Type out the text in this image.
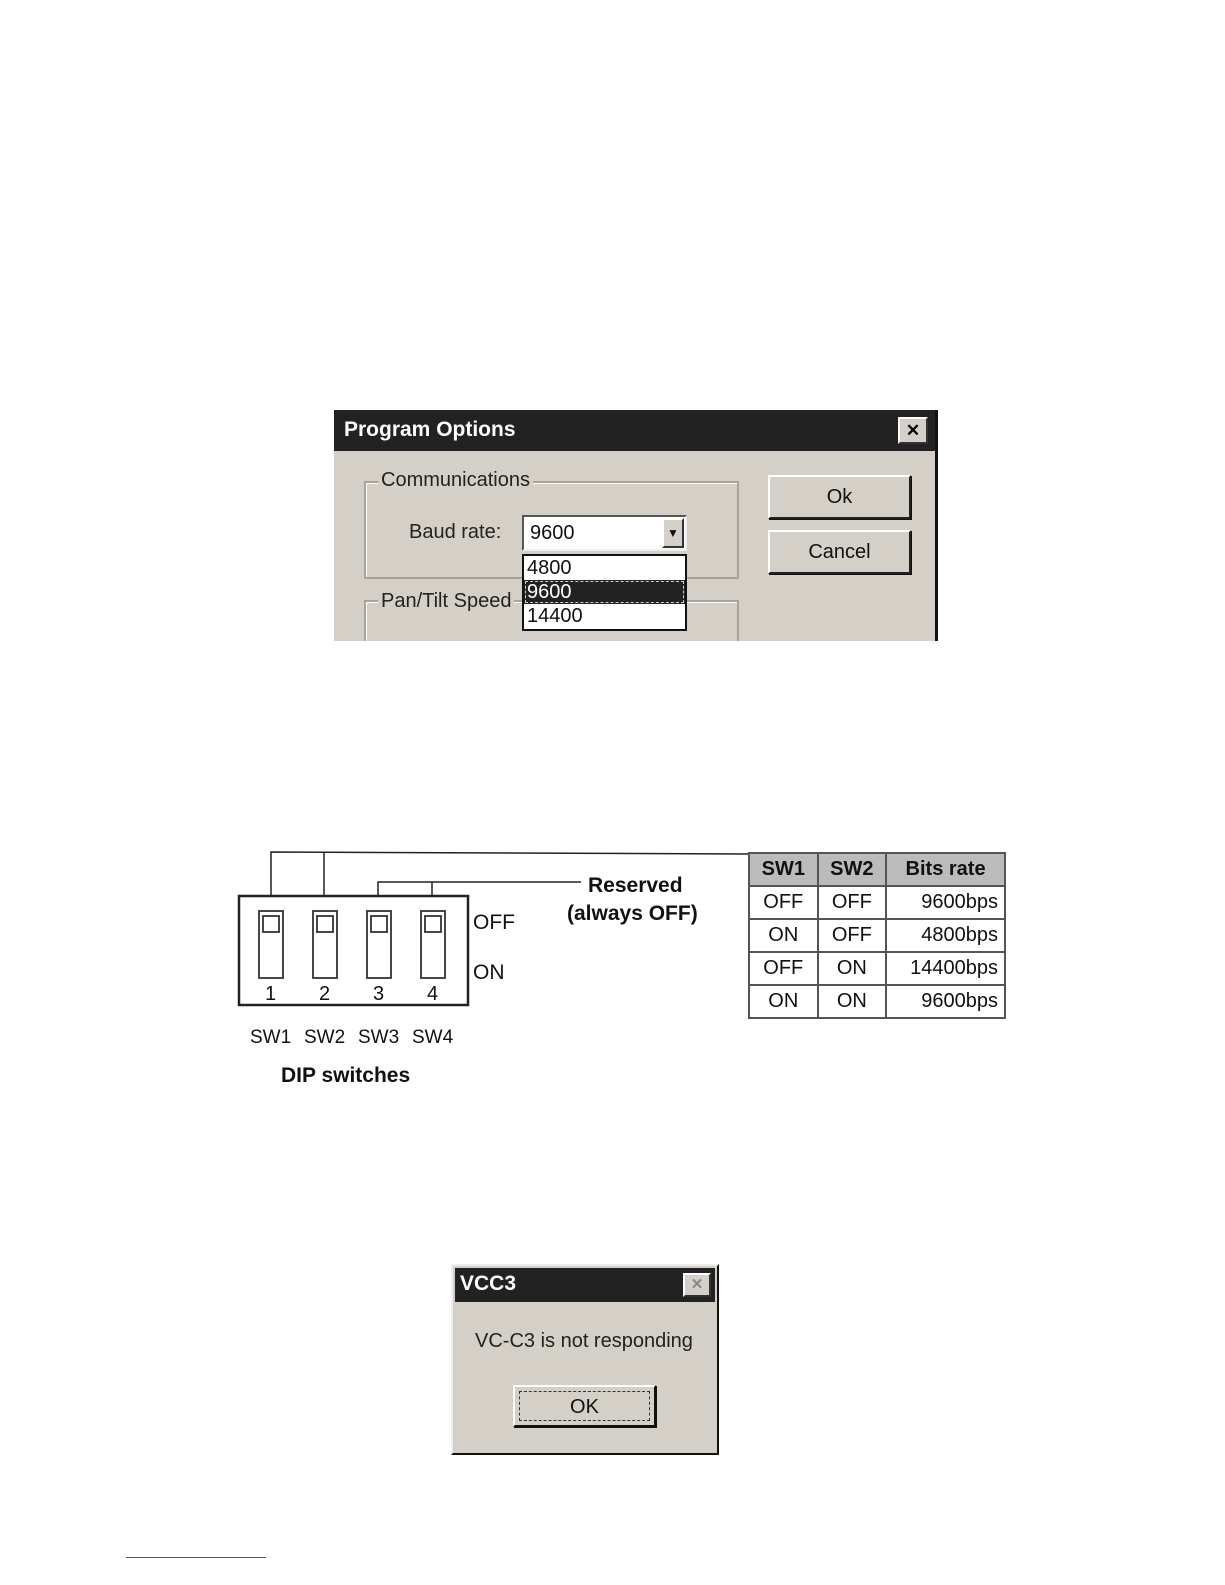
Program Options	✕
Communications
Baud rate: 9600	▼
Pan/Tilt Speed
4800
9600
14400
Ok
Cancel
1 2 3 4
OFF
ON
SW1 SW2 SW3 SW4
DIP switches
Reserved
(always OFF)
SW1	SW2	Bits rate
OFF	OFF	9600bps
ON	OFF	4800bps
OFF	ON	14400bps
ON	ON	9600bps
VCC3	✕
VC-C3 is not responding
OK
